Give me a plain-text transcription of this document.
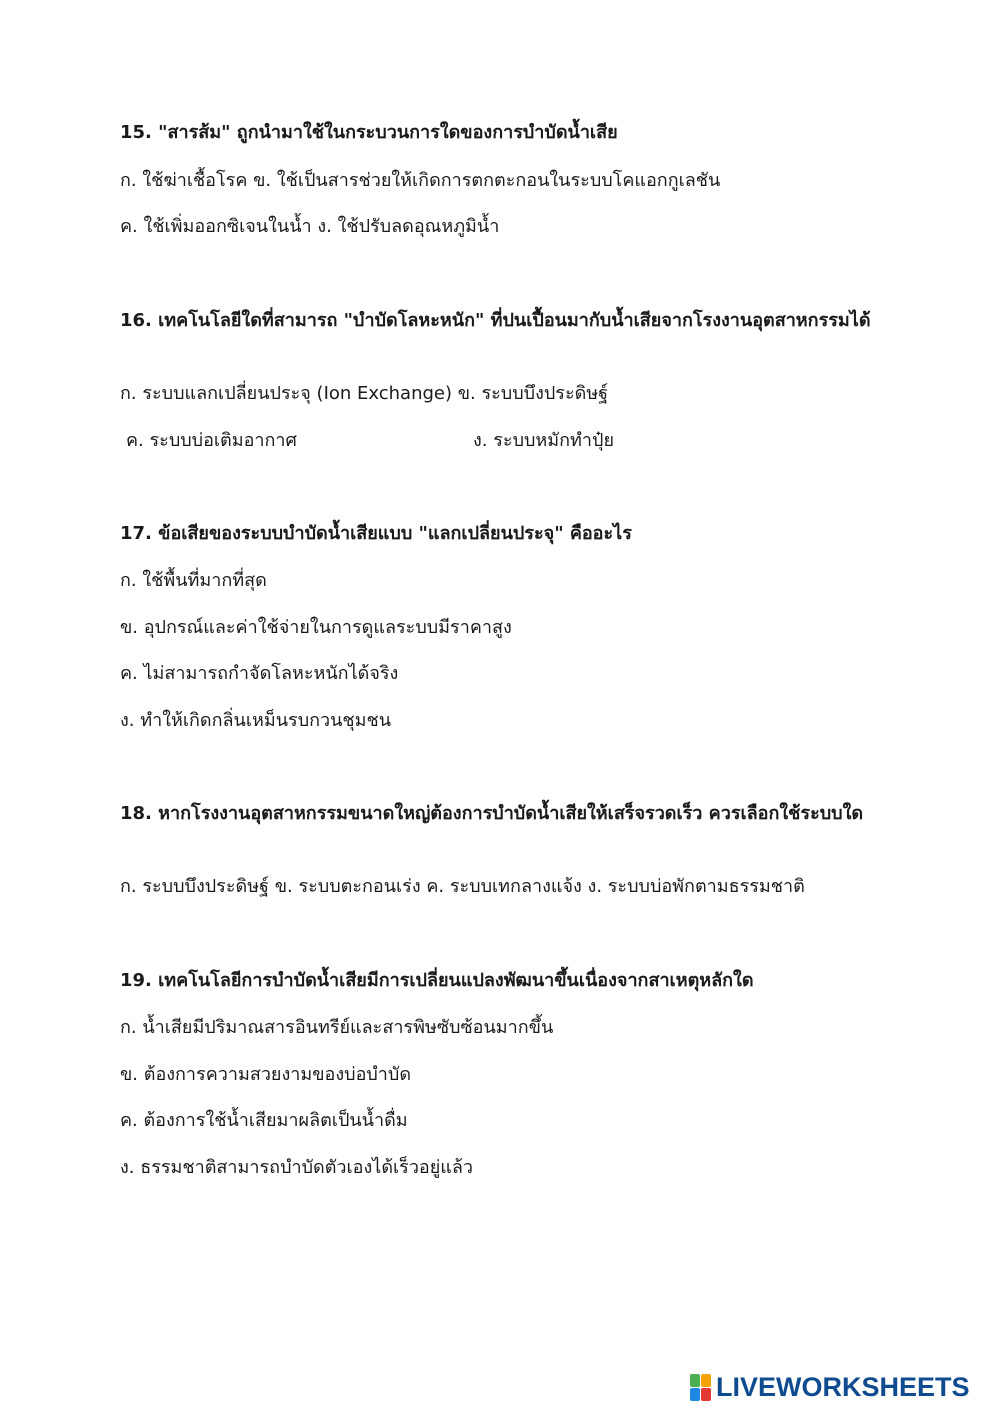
15. "สารส้ม" ถูกนำมาใช้ในกระบวนการใดของการบำบัดน้ำเสีย
ก. ใช้ฆ่าเชื้อโรค ข. ใช้เป็นสารช่วยให้เกิดการตกตะกอนในระบบโคแอกกูเลชัน
ค. ใช้เพิ่มออกซิเจนในน้ำ ง. ใช้ปรับลดอุณหภูมิน้ำ
16. เทคโนโลยีใดที่สามารถ "บำบัดโลหะหนัก" ที่ปนเปื้อนมากับน้ำเสียจากโรงงานอุตสาหกรรมได้
ก. ระบบแลกเปลี่ยนประจุ (Ion Exchange) ข. ระบบบึงประดิษฐ์
ค. ระบบบ่อเติมอากาศ	ง. ระบบหมักทำปุ๋ย
17. ข้อเสียของระบบบำบัดน้ำเสียแบบ "แลกเปลี่ยนประจุ" คืออะไร
ก. ใช้พื้นที่มากที่สุด
ข. อุปกรณ์และค่าใช้จ่ายในการดูแลระบบมีราคาสูง
ค. ไม่สามารถกำจัดโลหะหนักได้จริง
ง. ทำให้เกิดกลิ่นเหม็นรบกวนชุมชน
18. หากโรงงานอุตสาหกรรมขนาดใหญ่ต้องการบำบัดน้ำเสียให้เสร็จรวดเร็ว ควรเลือกใช้ระบบใด
ก. ระบบบึงประดิษฐ์ ข. ระบบตะกอนเร่ง ค. ระบบเทกลางแจ้ง ง. ระบบบ่อพักตามธรรมชาติ
19. เทคโนโลยีการบำบัดน้ำเสียมีการเปลี่ยนแปลงพัฒนาขึ้นเนื่องจากสาเหตุหลักใด
ก. น้ำเสียมีปริมาณสารอินทรีย์และสารพิษซับซ้อนมากขึ้น
ข. ต้องการความสวยงามของบ่อบำบัด
ค. ต้องการใช้น้ำเสียมาผลิตเป็นน้ำดื่ม
ง. ธรรมชาติสามารถบำบัดตัวเองได้เร็วอยู่แล้ว
LIVEWORKSHEETS
